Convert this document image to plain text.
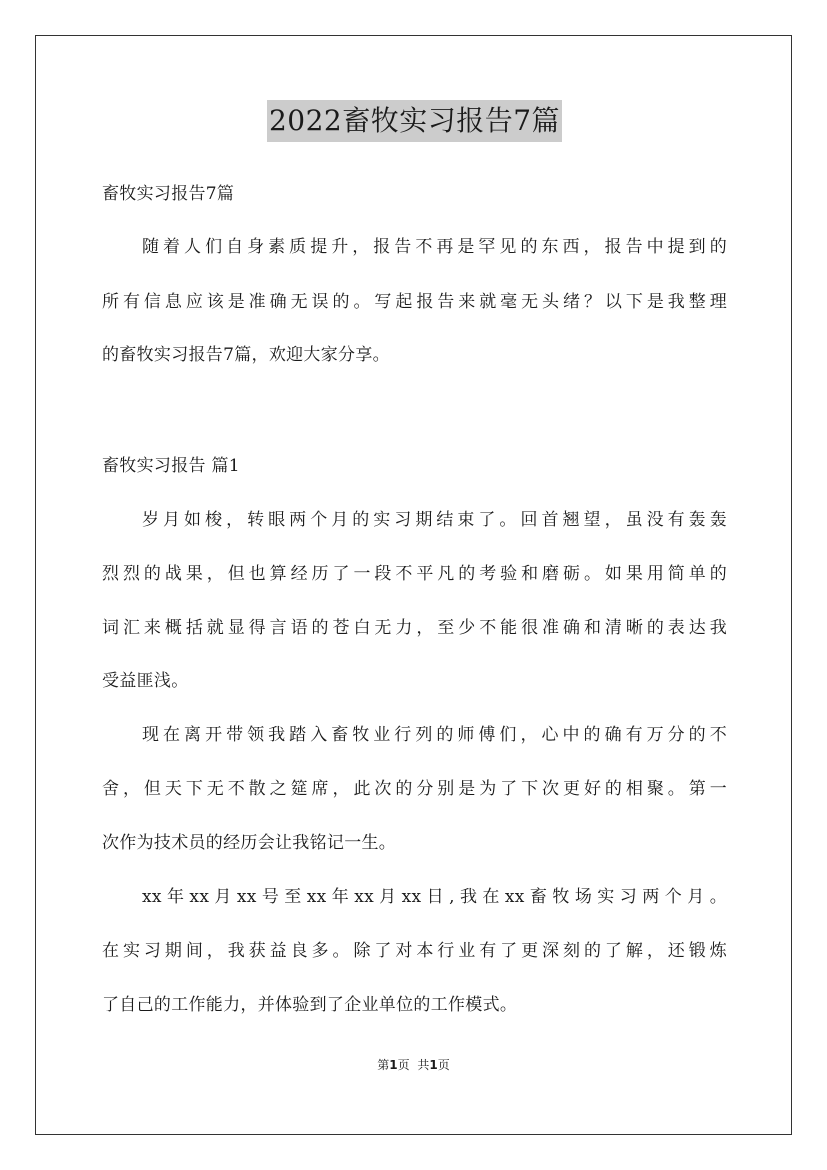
2022畜牧实习报告7篇
畜牧实习报告7篇
随着人们自身素质提升，报告不再是罕见的东西，报告中提到的
所有信息应该是准确无误的。写起报告来就毫无头绪？以下是我整理
的畜牧实习报告7篇，欢迎大家分享。
畜牧实习报告 篇1
岁月如梭，转眼两个月的实习期结束了。回首翘望，虽没有轰轰
烈烈的战果，但也算经历了一段不平凡的考验和磨砺。如果用简单的
词汇来概括就显得言语的苍白无力，至少不能很准确和清晰的表达我
受益匪浅。
现在离开带领我踏入畜牧业行列的师傅们，心中的确有万分的不
舍，但天下无不散之筵席，此次的分别是为了下次更好的相聚。第一
次作为技术员的经历会让我铭记一生。
xx年xx月xx号至xx年xx月xx日,我在xx畜牧场实习两个月。
在实习期间，我获益良多。除了对本行业有了更深刻的了解，还锻炼
了自己的工作能力，并体验到了企业单位的工作模式。
第1页 共1页
